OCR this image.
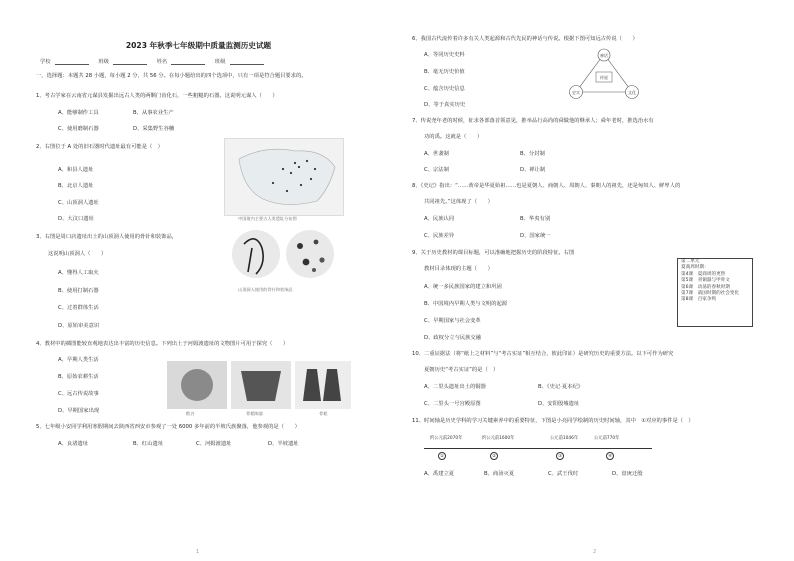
2023 年秋季七年级期中质量监测历史试题
学校	班级	姓名	班级
一，选择题：本题共 28 小题，每小题 2 分，共 56 分。在每小题给出的四个选项中，只有一项是符合题目要求的。
1、考古学家在云南省元谋县发掘出远古人类的两颗门齿化石，一些粗糙的石器。这说明元谋人（　　）
A、能够制作工具	B、从事农业生产
C、使用磨制石器	D、采集野生谷穗
2、右图位于 A 处的旧石器时代遗址最有可能是（　）
A、和县人遗址
B、北京人遗址
C、山顶洞人遗址
D、大汶口遗址	中国境内主要古人类遗址分布图
3、右图是周口店遗址出土的山顶洞人使用的骨针和装饰品，
这说明山顶洞人（　　）
A、懂得人工取火
B、使用打制石器
C、过着群体生活
D、原始审美意识
山顶洞人使用的骨针和装饰品
4、教材中的插图能较直观地表达出丰富的历史信息。下列出土于河姆渡遗址的文物图片可用于探究（　　）
A、早期人类生活
B、原始农耕生活
C、远古传说故事
D、早期国家出现	稻谷	骨耜陶器	骨耜
5、七年级小安同学利用寒假期间去陕西省西安市参观了一处 6000 多年前的半坡氏族聚落，他参观的是（　　）
A、良渚遗址	B、红山遗址	C、河姆渡遗址	D、半坡遗址
6、我国古代流传着许多有关人类起源和古代先民的神话与传说。根据下图可知远古传说（　　）
A、等同历史史料
B、毫无历史价值
C、蕴含历史信息
D、等于真实历史
传说
神话
史实	文化
7、传说尧年老的时候，征求各部落首领意见，推举品行高尚的舜做他的继承人；舜年老时，推选治水有
功的禹。这就是（　　）
A、世袭制	B、分封制
C、宗法制	D、禅让制
8、《史记》指出：“……黄帝是华夏始祖……也是夏朝人、商朝人、周朝人、秦朝人的祖先，还是匈奴人、鲜卑人的
共同祖先。”这体现了（　　）
A、民族认同	B、华夷有别
C、民族差异	D、国家统一
9、关于历史教材的课目标题，可以准确地把握历史的阶段特征。右图
教材目录体现的主题（　　）
A、统一多民族国家的建立和巩固
B、中国境内早期人类与文明的起源
C、早期国家与社会变革
D、政权分立与民族交融
第二单元
夏商周时期：
第4课　夏商周的更替
第5课　青铜器与甲骨文
第6课　动荡的春秋时期
第7课　战国时期的社会变化
第8课　百家争鸣
10、二重证据法（将“纸上之材料”与“考古实证”相互结合，彼此印证）是研究历史的重要方法。以下可作为研究
夏朝历史“考古实证”的是（　）
A、二里头遗址出土的铜器	B、《史记·夏本纪》
C、二里头一号宫殿原图	D、安阳殷墟遗址
11、时间轴是历史学科的学习关键素养中的重要特征，下图是小亮同学绘制的历史时间轴，其中　①对应的事件是（　）
约公元前2070年	约公元前1600年	公元前1046年	公元前770年
①	②	③	④
A、禹建立夏	B、商汤灭夏	C、武王伐纣	D、盘庚迁殷
1	2
